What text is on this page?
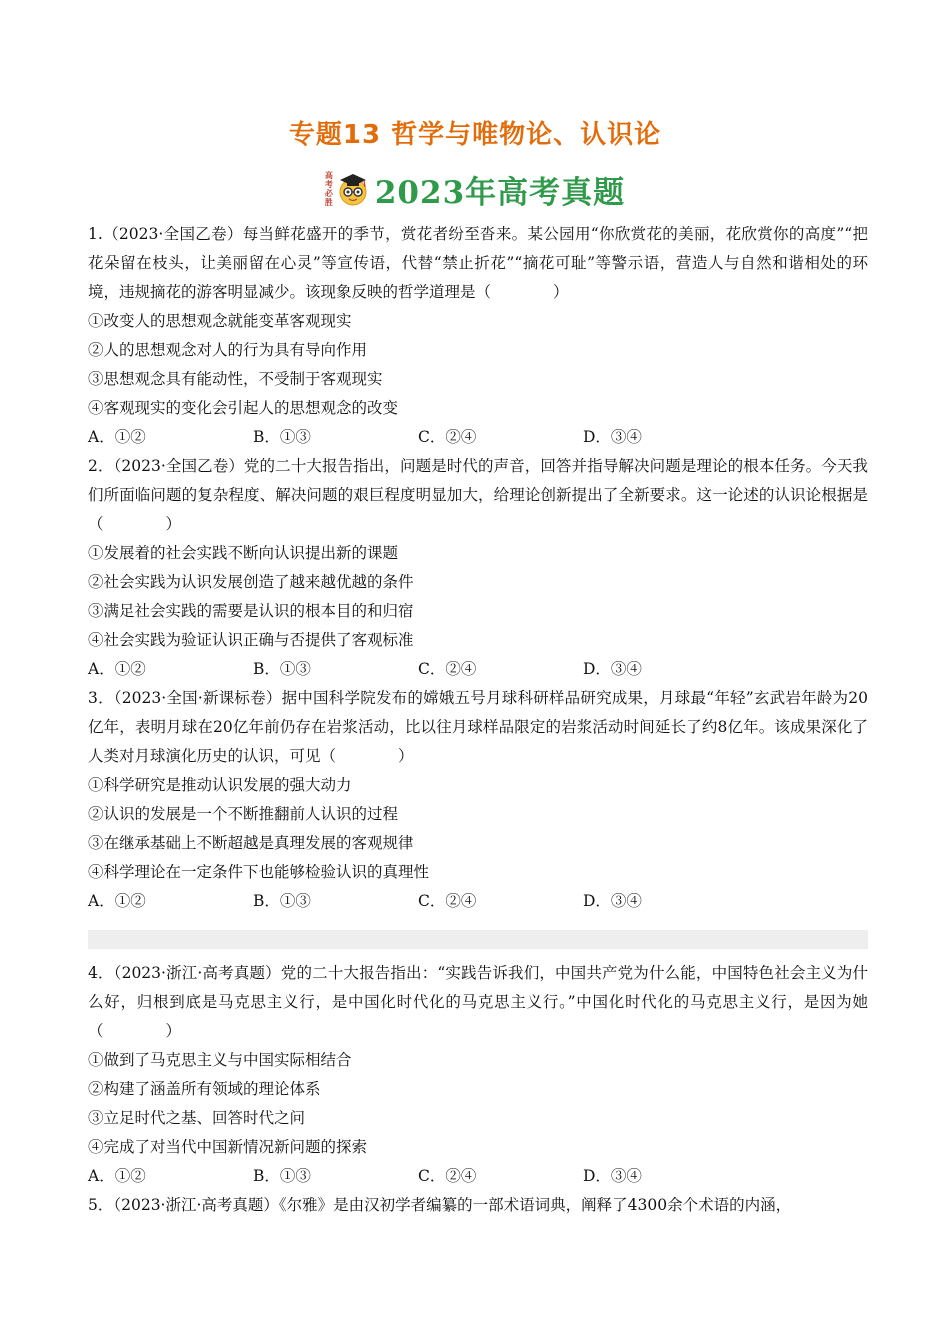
专题13 哲学与唯物论、认识论
高
考
必
胜 2023年高考真题
1.（2023·全国乙卷）每当鲜花盛开的季节，赏花者纷至沓来。某公园用“你欣赏花的美丽，花欣赏你的高度”“把花朵留在枝头，让美丽留在心灵”等宣传语，代替“禁止折花”“摘花可耻”等警示语，营造人与自然和谐相处的环境，违规摘花的游客明显减少。该现象反映的哲学道理是（　　　　）
①改变人的思想观念就能变革客观现实
②人的思想观念对人的行为具有导向作用
③思想观念具有能动性，不受制于客观现实
④客观现实的变化会引起人的思想观念的改变
A．①②	B．①③	C．②④	D．③④
2．（2023·全国乙卷）党的二十大报告指出，问题是时代的声音，回答并指导解决问题是理论的根本任务。今天我们所面临问题的复杂程度、解决问题的艰巨程度明显加大，给理论创新提出了全新要求。这一论述的认识论根据是（　　　　）
①发展着的社会实践不断向认识提出新的课题
②社会实践为认识发展创造了越来越优越的条件
③满足社会实践的需要是认识的根本目的和归宿
④社会实践为验证认识正确与否提供了客观标准
A．①②	B．①③	C．②④	D．③④
3．（2023·全国·新课标卷）据中国科学院发布的嫦娥五号月球科研样品研究成果，月球最“年轻”玄武岩年龄为20亿年，表明月球在20亿年前仍存在岩浆活动，比以往月球样品限定的岩浆活动时间延长了约8亿年。该成果深化了人类对月球演化历史的认识，可见（　　　　）
①科学研究是推动认识发展的强大动力
②认识的发展是一个不断推翻前人认识的过程
③在继承基础上不断超越是真理发展的客观规律
④科学理论在一定条件下也能够检验认识的真理性
A．①②	B．①③	C．②④	D．③④
4．（2023·浙江·高考真题）党的二十大报告指出：“实践告诉我们，中国共产党为什么能，中国特色社会主义为什么好，归根到底是马克思主义行，是中国化时代化的马克思主义行。”中国化时代化的马克思主义行，是因为她（　　　　）
①做到了马克思主义与中国实际相结合
②构建了涵盖所有领域的理论体系
③立足时代之基、回答时代之问
④完成了对当代中国新情况新问题的探索
A．①②	B．①③	C．②④	D．③④
5．（2023·浙江·高考真题）《尔雅》是由汉初学者编纂的一部术语词典，阐释了4300余个术语的内涵，
